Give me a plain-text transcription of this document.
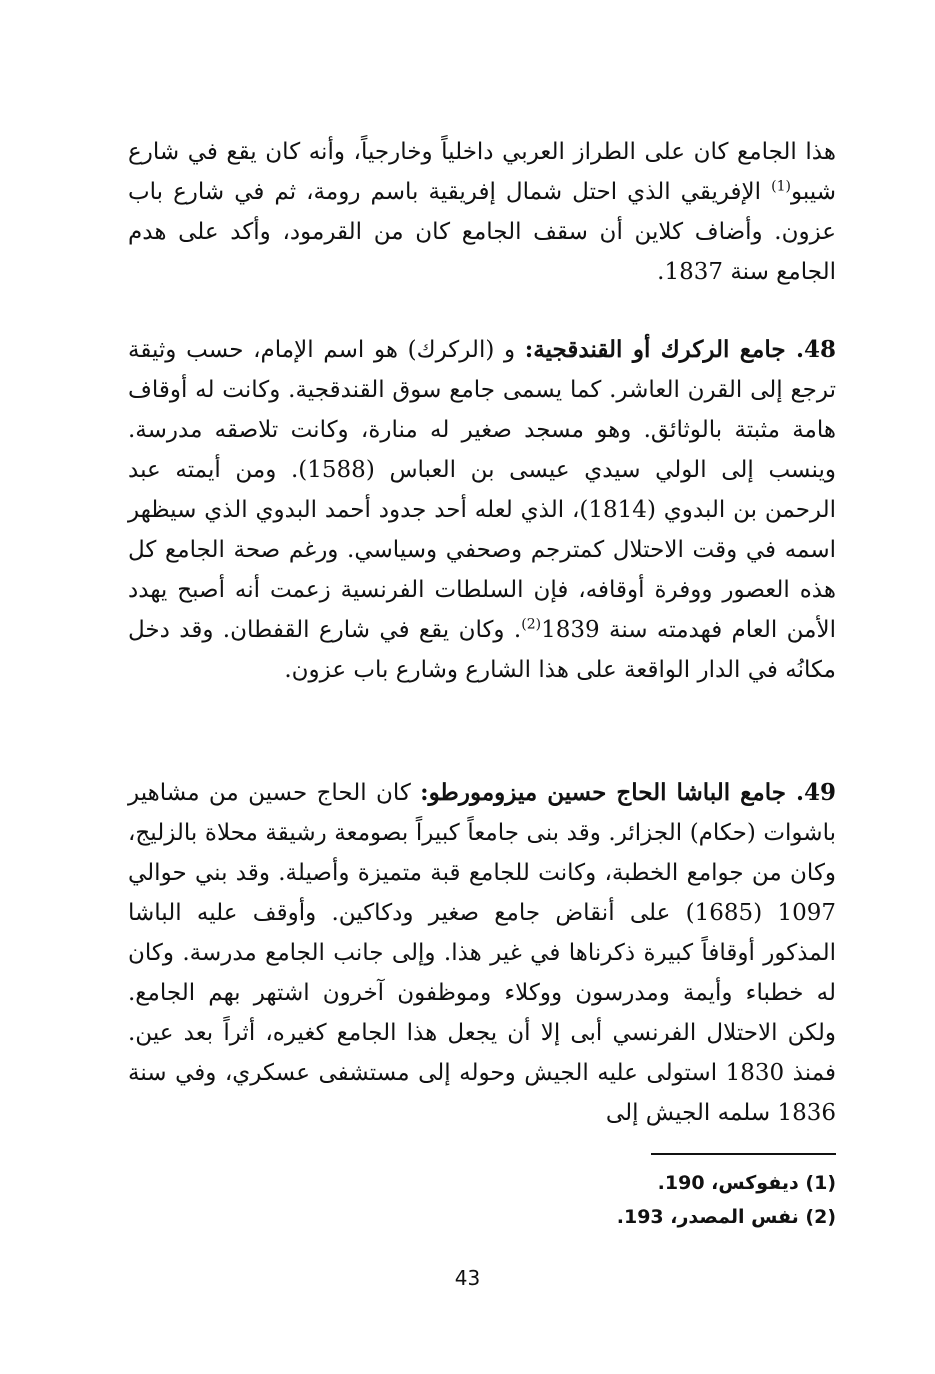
هذا الجامع كان على الطراز العربي داخلياً وخارجياً، وأنه كان يقع في شارع شيبو$^{(1)}$ الإفريقي الذي احتل شمال إفريقية باسم رومة، ثم في شارع باب عزون. وأضاف كلاين أن سقف الجامع كان من القرمود، وأكد على هدم الجامع سنة 1837.

48. جامع الركرك أو القندقجية: و (الركرك) هو اسم الإمام، حسب وثيقة ترجع إلى القرن العاشر. كما يسمى جامع سوق القندقجية. وكانت له أوقاف هامة مثبتة بالوثائق. وهو مسجد صغير له منارة، وكانت تلاصقه مدرسة. وينسب إلى الولي سيدي عيسى بن العباس (1588). ومن أيمته عبد الرحمن بن البدوي (1814)، الذي لعله أحد جدود أحمد البدوي الذي سيظهر اسمه في وقت الاحتلال كمترجم وصحفي وسياسي. ورغم صحة الجامع كل هذه العصور ووفرة أوقافه، فإن السلطات الفرنسية زعمت أنه أصبح يهدد الأمن العام فهدمته سنة 1839$^{(2)}$. وكان يقع في شارع القفطان. وقد دخل مكانُه في الدار الواقعة على هذا الشارع وشارع باب عزون.

49. جامع الباشا الحاج حسين ميزومورطو: كان الحاج حسين من مشاهير باشوات (حكام) الجزائر. وقد بنى جامعاً كبيراً بصومعة رشيقة محلاة بالزليج، وكان من جوامع الخطبة، وكانت للجامع قبة متميزة وأصيلة. وقد بني حوالي 1097 (1685) على أنقاض جامع صغير ودكاكين. وأوقف عليه الباشا المذكور أوقافاً كبيرة ذكرناها في غير هذا. وإلى جانب الجامع مدرسة. وكان له خطباء وأيمة ومدرسون ووكلاء وموظفون آخرون اشتهر بهم الجامع. ولكن الاحتلال الفرنسي أبى إلا أن يجعل هذا الجامع كغيره، أثراً بعد عين. فمنذ 1830 استولى عليه الجيش وحوله إلى مستشفى عسكري، وفي سنة 1836 سلمه الجيش إلى

(1) ديفوكس، 190.

(2) نفس المصدر، 193.

43
